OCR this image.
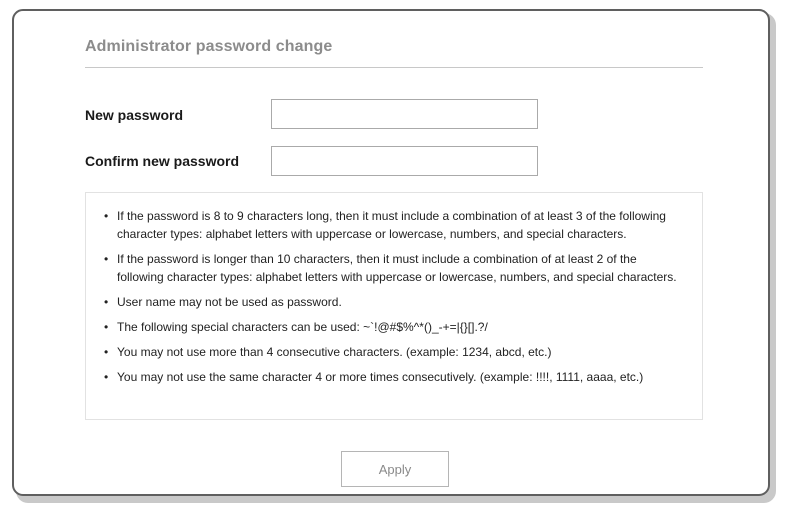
Administrator password change
New password
Confirm new password
• If the password is 8 to 9 characters long, then it must include a combination of at least 3 of the following character types: alphabet letters with uppercase or lowercase, numbers, and special characters.
• If the password is longer than 10 characters, then it must include a combination of at least 2 of the following character types: alphabet letters with uppercase or lowercase, numbers, and special characters.
• User name may not be used as password.
• The following special characters can be used: ~`!@#$%^*()_-+=|{}[].?/
• You may not use more than 4 consecutive characters. (example: 1234, abcd, etc.)
• You may not use the same character 4 or more times consecutively. (example: !!!!, 1111, aaaa, etc.)
Apply
